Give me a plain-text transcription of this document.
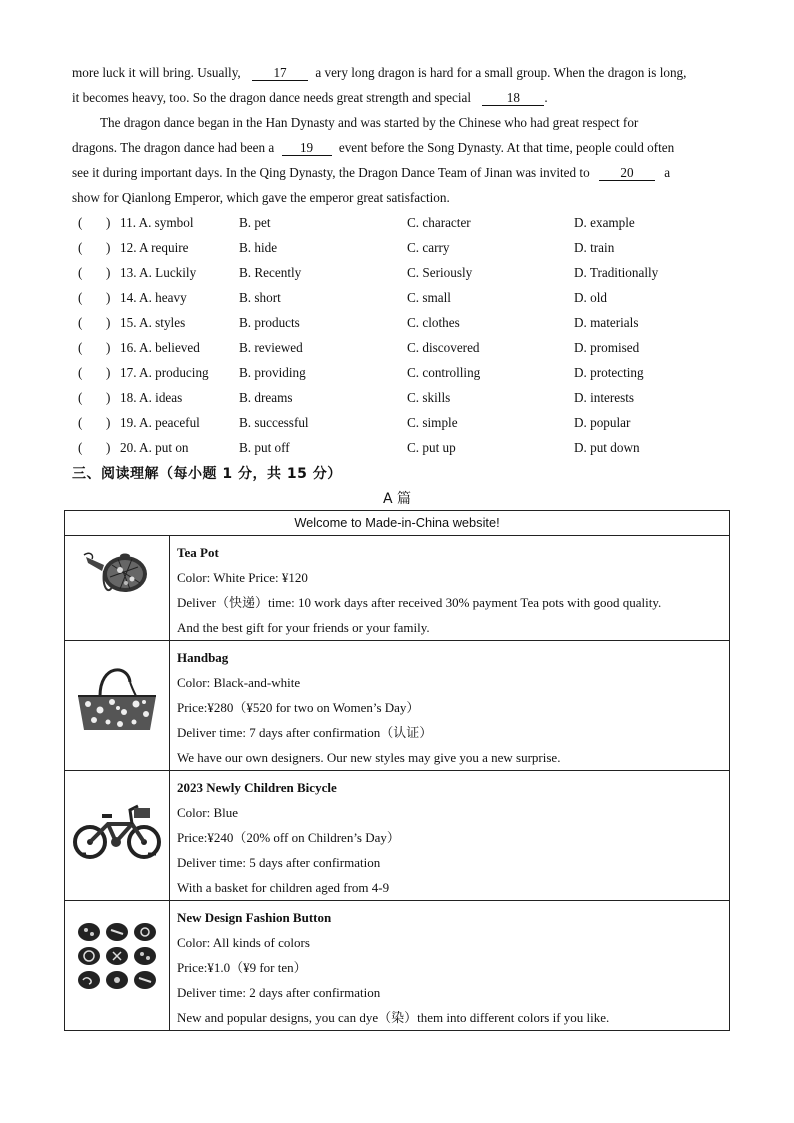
more luck it will bring. Usually, 17 a very long dragon is hard for a small group. When the dragon is long,
it becomes heavy, too. So the dragon dance needs great strength and special	18 .
The dragon dance began in the Han Dynasty and was started by the Chinese who had great respect for
dragons. The dragon dance had been a 19 event before the Song Dynasty. At that time, people could often
see it during important days. In the Qing Dynasty, the Dragon Dance Team of Jinan was invited to 20 a
show for Qianlong Emperor, which gave the emperor great satisfaction.
( ) 11. A. symbol	B. pet	C. character	D. example
( ) 12. A require	B. hide	C. carry	D. train
( ) 13. A. Luckily	B. Recently	C. Seriously	D. Traditionally
( ) 14. A. heavy	B. short	C. small	D. old
( ) 15. A. styles	B. products	C. clothes	D. materials
( ) 16. A. believed	B. reviewed	C. discovered	D. promised
( ) 17. A. producing B. providing	C. controlling	D. protecting
( ) 18. A. ideas	B. dreams	C. skills	D. interests
( ) 19. A. peaceful	B. successful	C. simple	D. popular
( ) 20. A. put on	B. put off	C. put up	D. put down
三、阅读理解（每小题 1 分，共 15 分）
A 篇
Welcome to Made-in-China website!	

Tea Pot
Color: White Price: ¥120
Deliver（快递）time: 10 work days after received 30% payment Tea pots with good quality.
And the best gift for your friends or your family.

Handbag
Color: Black-and-white
Price:¥280（¥520 for two on Women’s Day）
Deliver time: 7 days after confirmation（认证）
We have our own designers. Our new styles may give you a new surprise.

2023 Newly Children Bicycle
Color: Blue
Price:¥240（20% off on Children’s Day）
Deliver time: 5 days after confirmation
With a basket for children aged from 4-9

New Design Fashion Button
Color: All kinds of colors
Price:¥1.0（¥9 for ten）
Deliver time: 2 days after confirmation
New and popular designs, you can dye（染）them into different colors if you like.
